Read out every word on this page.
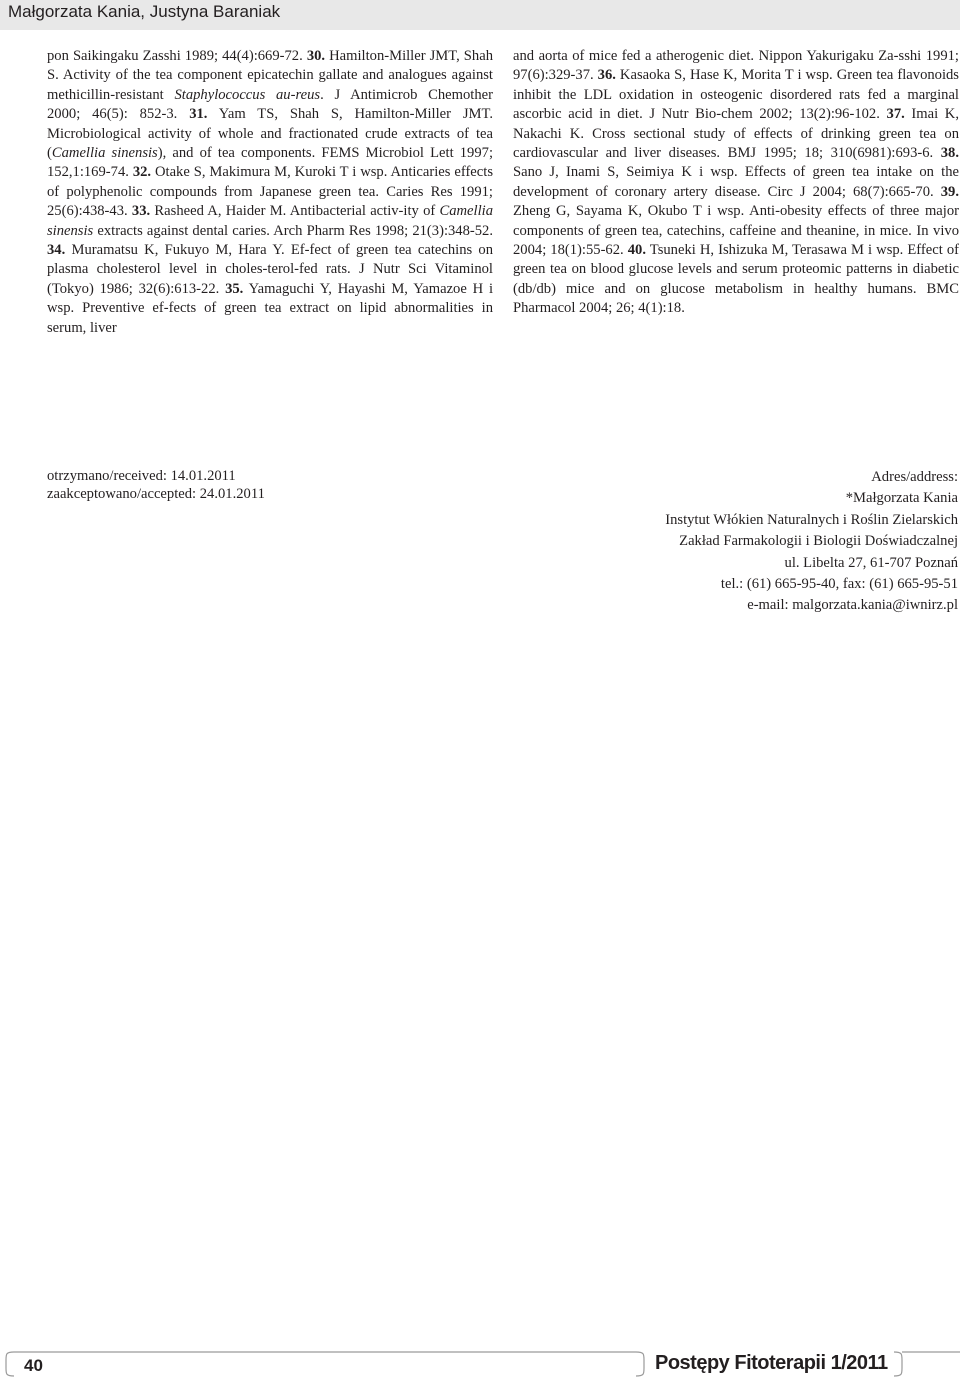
Małgorzata Kania, Justyna Baraniak

pon Saikingaku Zasshi 1989; 44(4):669-72. 30. Hamilton-Miller JMT, Shah S. Activity of the tea component epicatechin gallate and analogues against methicillin-resistant Staphylococcus au-reus. J Antimicrob Chemother 2000; 46(5): 852-3. 31. Yam TS, Shah S, Hamilton-Miller JMT. Microbiological activity of whole and fractionated crude extracts of tea (Camellia sinensis), and of tea components. FEMS Microbiol Lett 1997; 152,1:169-74. 32. Otake S, Makimura M, Kuroki T i wsp. Anticaries effects of polyphenolic compounds from Japanese green tea. Caries Res 1991; 25(6):438-43. 33. Rasheed A, Haider M. Antibacterial activ-ity of Camellia sinensis extracts against dental caries. Arch Pharm Res 1998; 21(3):348-52. 34. Muramatsu K, Fukuyo M, Hara Y. Ef-fect of green tea catechins on plasma cholesterol level in choles-terol-fed rats. J Nutr Sci Vitaminol (Tokyo) 1986; 32(6):613-22. 35. Yamaguchi Y, Hayashi M, Yamazoe H i wsp. Preventive ef-fects of green tea extract on lipid abnormalities in serum, liver

and aorta of mice fed a atherogenic diet. Nippon Yakurigaku Za-sshi 1991; 97(6):329-37. 36. Kasaoka S, Hase K, Morita T i wsp. Green tea flavonoids inhibit the LDL oxidation in osteogenic disordered rats fed a marginal ascorbic acid in diet. J Nutr Bio-chem 2002; 13(2):96-102. 37. Imai K, Nakachi K. Cross sectional study of effects of drinking green tea on cardiovascular and liver diseases. BMJ 1995; 18; 310(6981):693-6. 38. Sano J, Inami S, Seimiya K i wsp. Effects of green tea intake on the development of coronary artery disease. Circ J 2004; 68(7):665-70. 39. Zheng G, Sayama K, Okubo T i wsp. Anti-obesity effects of three major components of green tea, catechins, caffeine and theanine, in mice. In vivo 2004; 18(1):55-62. 40. Tsuneki H, Ishizuka M, Terasawa M i wsp. Effect of green tea on blood glucose levels and serum proteomic patterns in diabetic (db/db) mice and on glucose metabolism in healthy humans. BMC Pharmacol 2004; 26; 4(1):18.

otrzymano/received: 14.01.2011
zaakceptowano/accepted: 24.01.2011
Adres/address:
*Małgorzata Kania
Instytut Włókien Naturalnych i Roślin Zielarskich
Zakład Farmakologii i Biologii Doświadczalnej
ul. Libelta 27, 61-707 Poznań
tel.: (61) 665-95-40, fax: (61) 665-95-51
e-mail: malgorzata.kania@iwnirz.pl
40	Postępy Fitoterapii 1/2011
